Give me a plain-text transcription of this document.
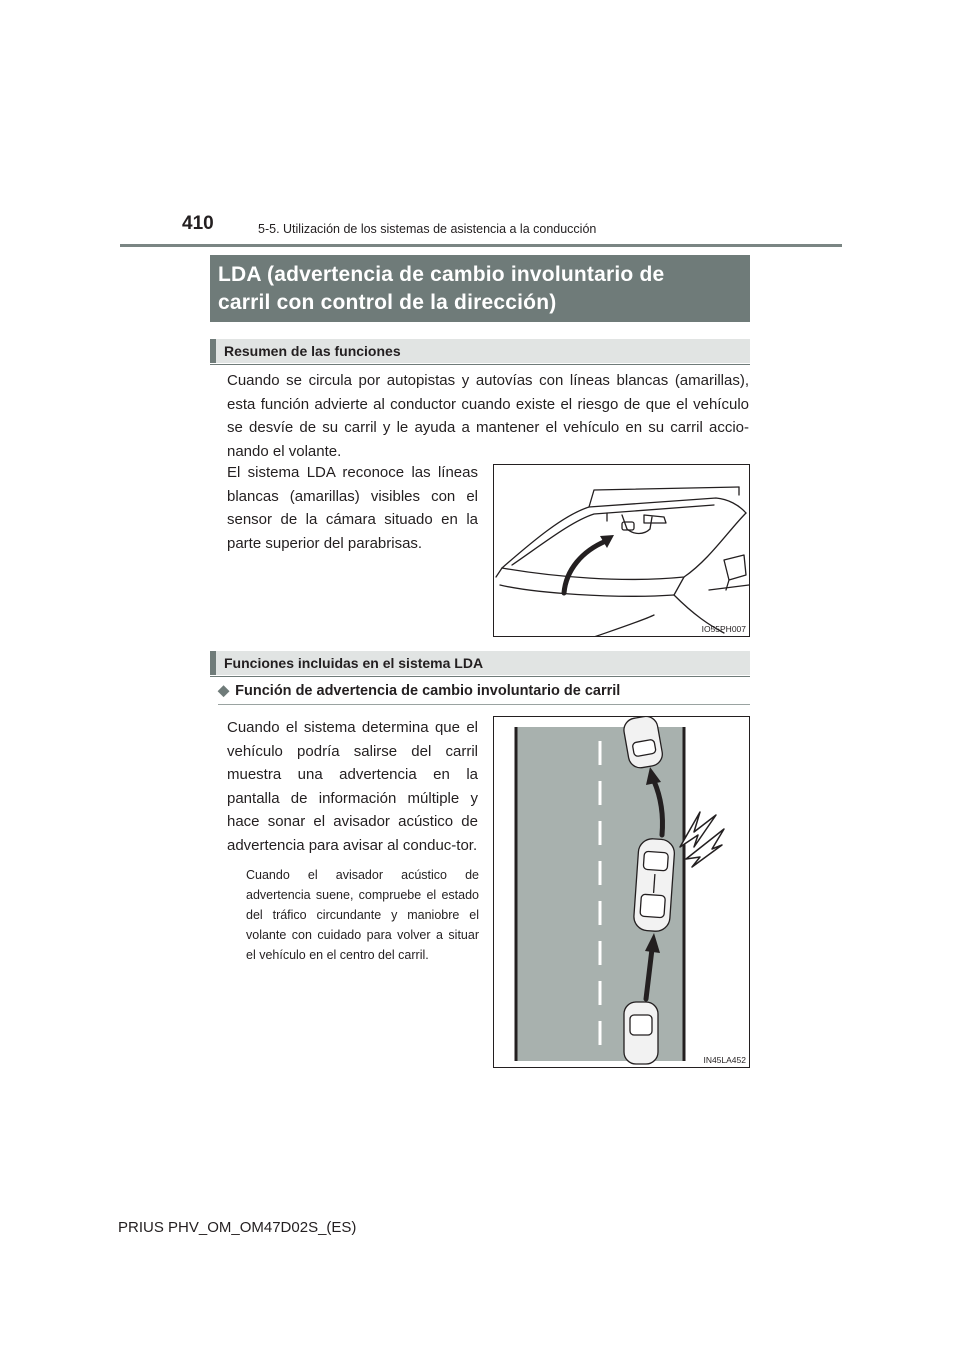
410	5-5. Utilización de los sistemas de asistencia a la conducción
LDA (advertencia de cambio involuntario de
carril con control de la dirección)
Resumen de las funciones
Cuando se circula por autopistas y autovías con líneas blancas (amarillas), esta función advierte al conductor cuando existe el riesgo de que el vehículo se desvíe de su carril y le ayuda a mantener el vehículo en su carril accio-nando el volante.
El sistema LDA reconoce las líneas blancas (amarillas) visibles con el sensor de la cámara situado en la parte superior del parabrisas.
IO55PH007
Funciones incluidas en el sistema LDA
◆ Función de advertencia de cambio involuntario de carril
Cuando el sistema determina que el vehículo podría salirse del carril muestra una advertencia en la pantalla de información múltiple y hace sonar el avisador acústico de advertencia para avisar al conduc-tor.
Cuando el avisador acústico de advertencia suene, compruebe el estado del tráfico circundante y maniobre el volante con cuidado para volver a situar el vehículo en el centro del carril.
IN45LA452
PRIUS PHV_OM_OM47D02S_(ES)
